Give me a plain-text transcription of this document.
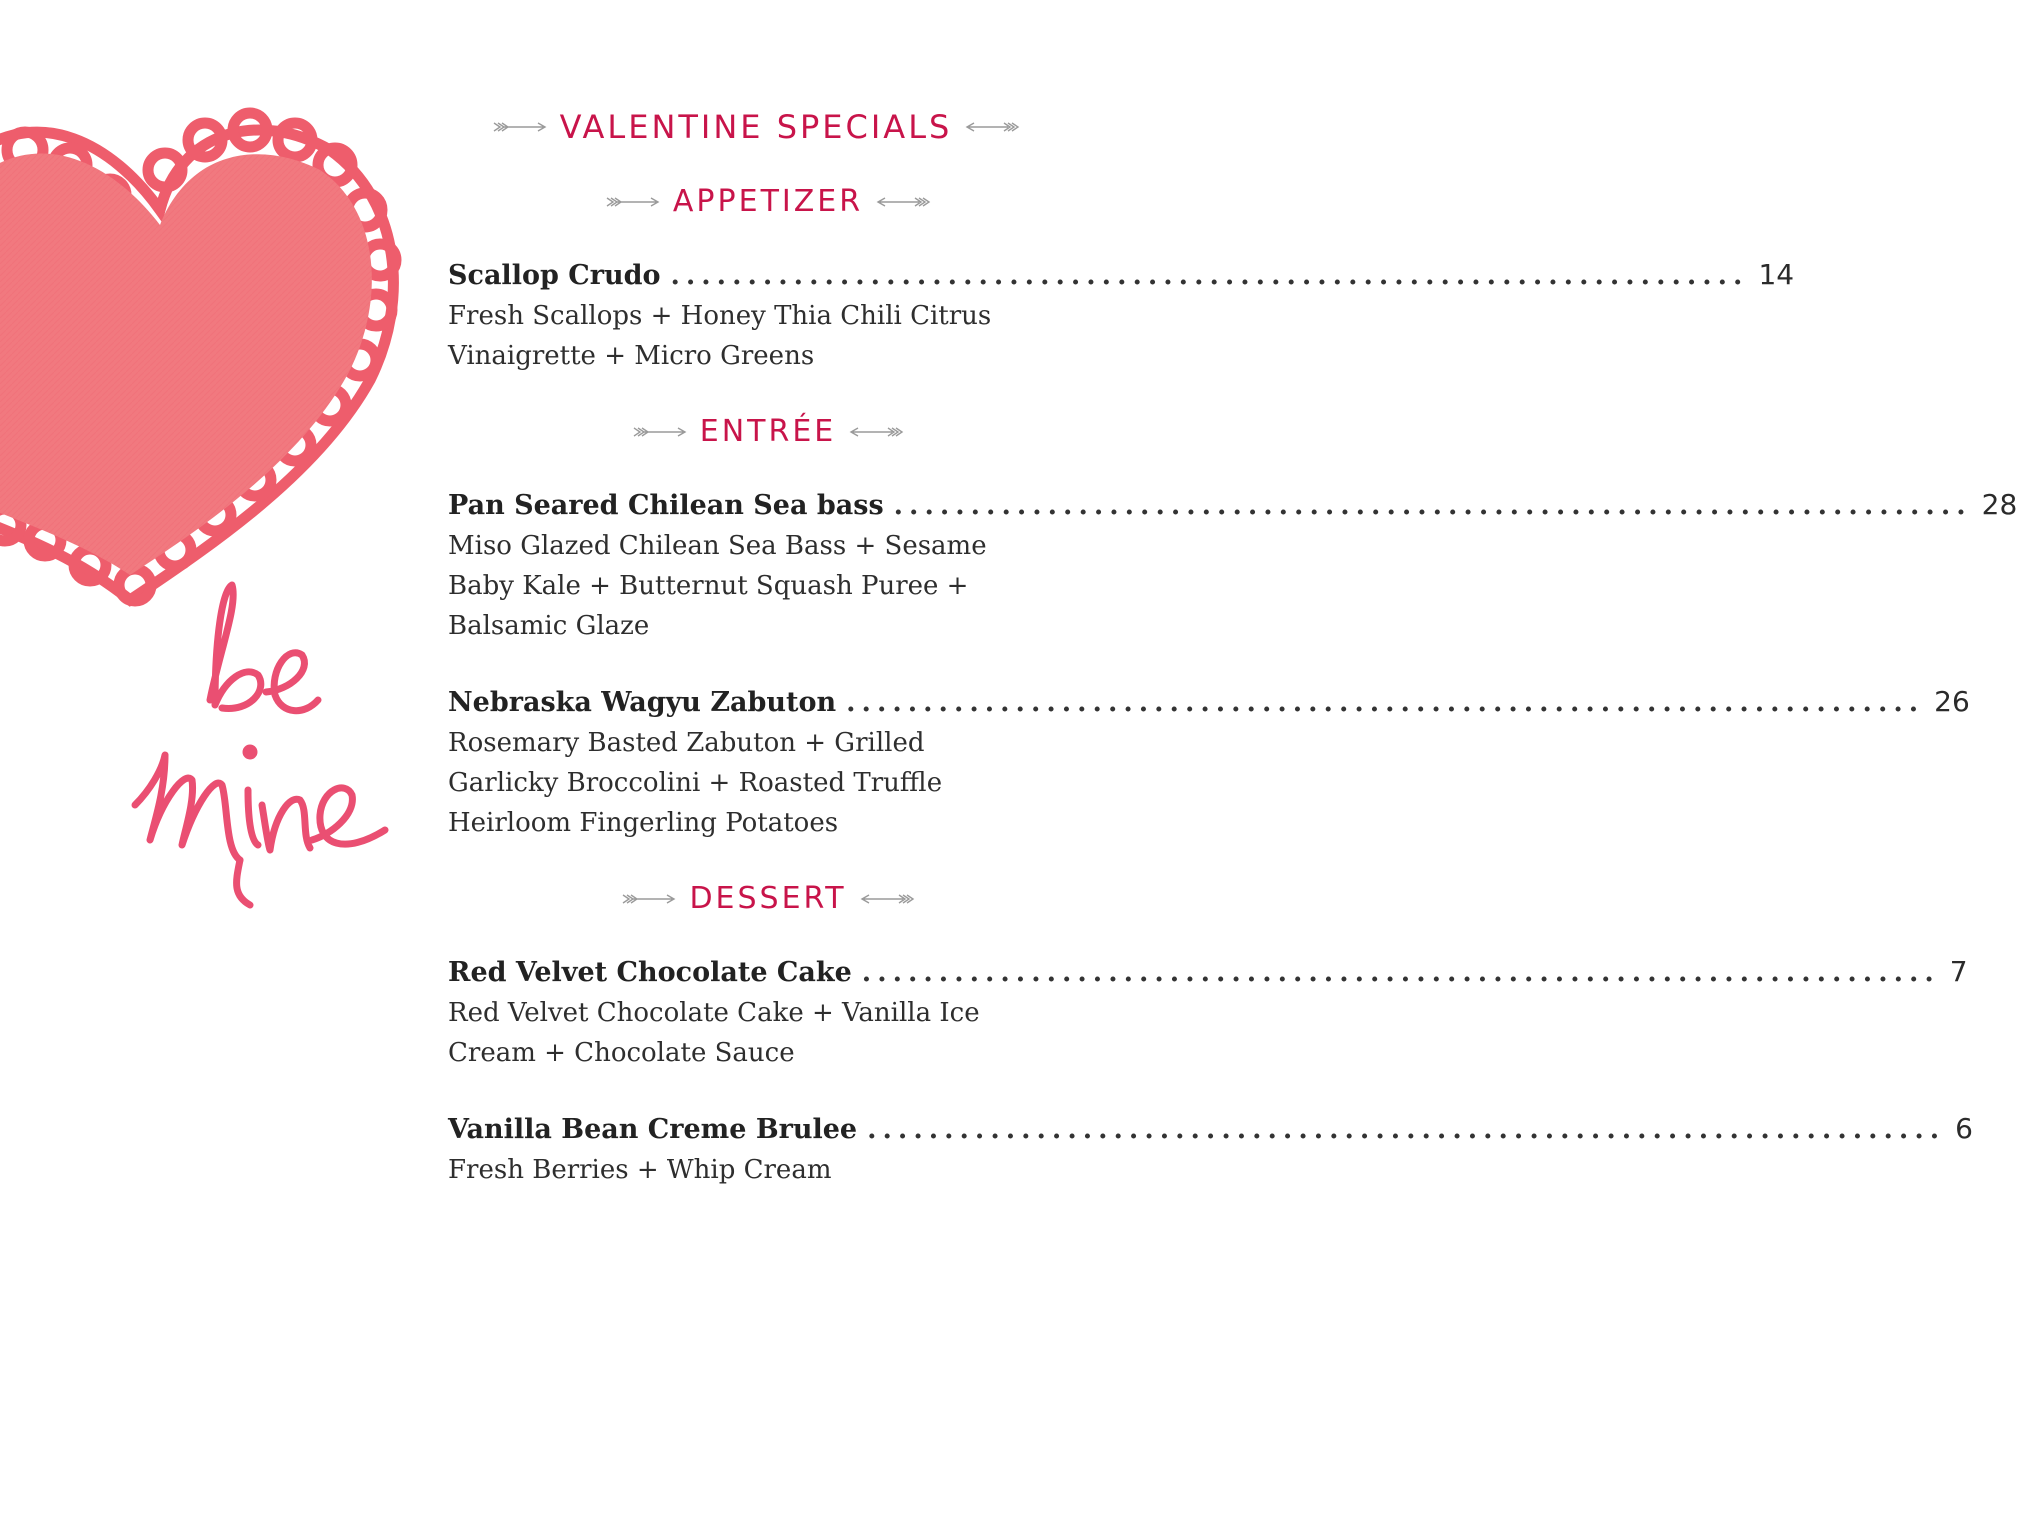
VALENTINE SPECIALS
APPETIZER
Scallop Crudo ...................................................................... 14
Fresh Scallops + Honey Thia Chili Citrus
Vinaigrette + Micro Greens
ENTRÉE
Pan Seared Chilean Sea bass ...................................................................... 28
Miso Glazed Chilean Sea Bass + Sesame
Baby Kale + Butternut Squash Puree +
Balsamic Glaze
Nebraska Wagyu Zabuton ...................................................................... 26
Rosemary Basted Zabuton + Grilled
Garlicky Broccolini + Roasted Truffle
Heirloom Fingerling Potatoes
DESSERT
Red Velvet Chocolate Cake ...................................................................... 7
Red Velvet Chocolate Cake + Vanilla Ice
Cream + Chocolate Sauce
Vanilla Bean Creme Brulee ...................................................................... 6
Fresh Berries + Whip Cream
